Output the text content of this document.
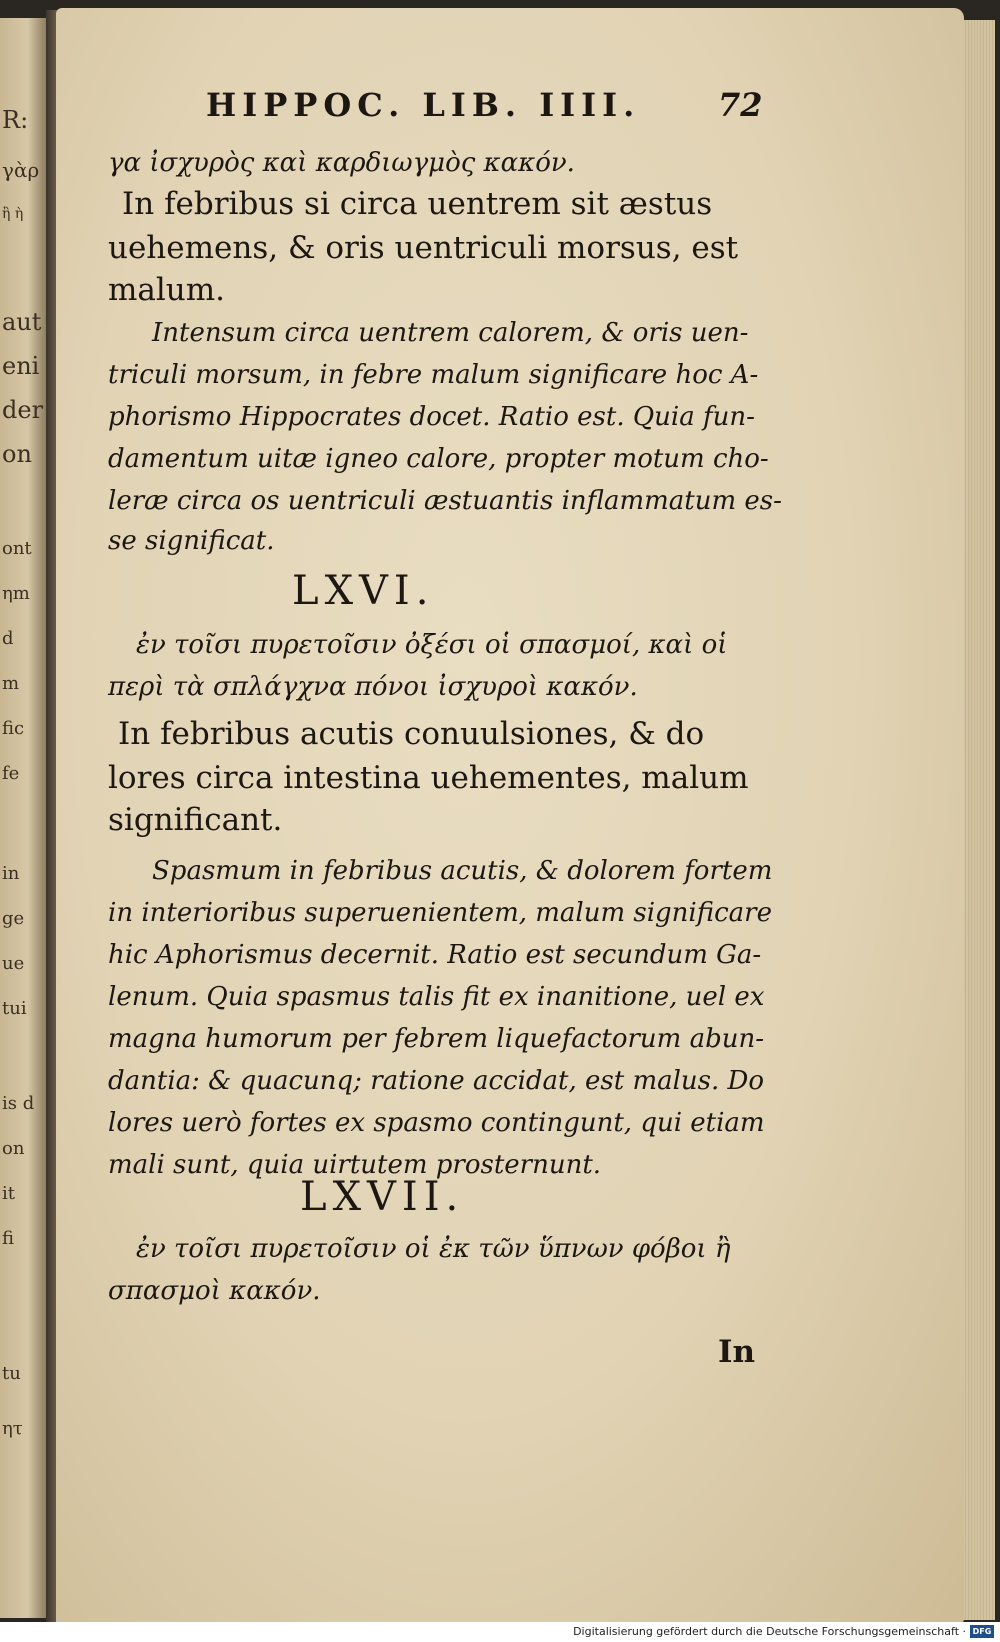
R:
γὰρ
ἢ ὴ
aut
eni
der
on
ont
ηm
d
m
fic
fe
in
ge
ue
tui
is d
on
it
fi
tu
ητ
HIPPOC. LIB. IIII. 72
γα ἰσχυρὸς καὶ καρδιωγμὸς κακόν.
In febribus si circa uentrem sit æstus
uehemens, & oris uentriculi morsus, est
malum.
Intensum circa uentrem calorem, & oris uen-
triculi morsum, in febre malum significare hoc A-
phorismo Hippocrates docet. Ratio est. Quia fun-
damentum uitæ igneo calore, propter motum cho-
leræ circa os uentriculi æstuantis inflammatum es-
se significat.
LXVI.
ἐν τοῖσι πυρετοῖσιν ὀξέσι οἱ σπασμοί, καὶ οἱ
περὶ τὰ σπλάγχνα πόνοι ἰσχυροὶ κακόν.
In febribus acutis conuulsiones, & do
lores circa intestina uehementes, malum
significant.
Spasmum in febribus acutis, & dolorem fortem
in interioribus superuenientem, malum significare
hic Aphorismus decernit. Ratio est secundum Ga-
lenum. Quia spasmus talis fit ex inanitione, uel ex
magna humorum per febrem liquefactorum abun-
dantia: & quacunq; ratione accidat, est malus. Do
lores uerò fortes ex spasmo contingunt, qui etiam
mali sunt, quia uirtutem prosternunt.
LXVII.
ἐν τοῖσι πυρετοῖσιν οἱ ἐκ τῶν ὕπνων φόβοι ἢ
σπασμοὶ κακόν.
In
Digitalisierung gefördert durch die Deutsche Forschungsgemeinschaft · DFG
